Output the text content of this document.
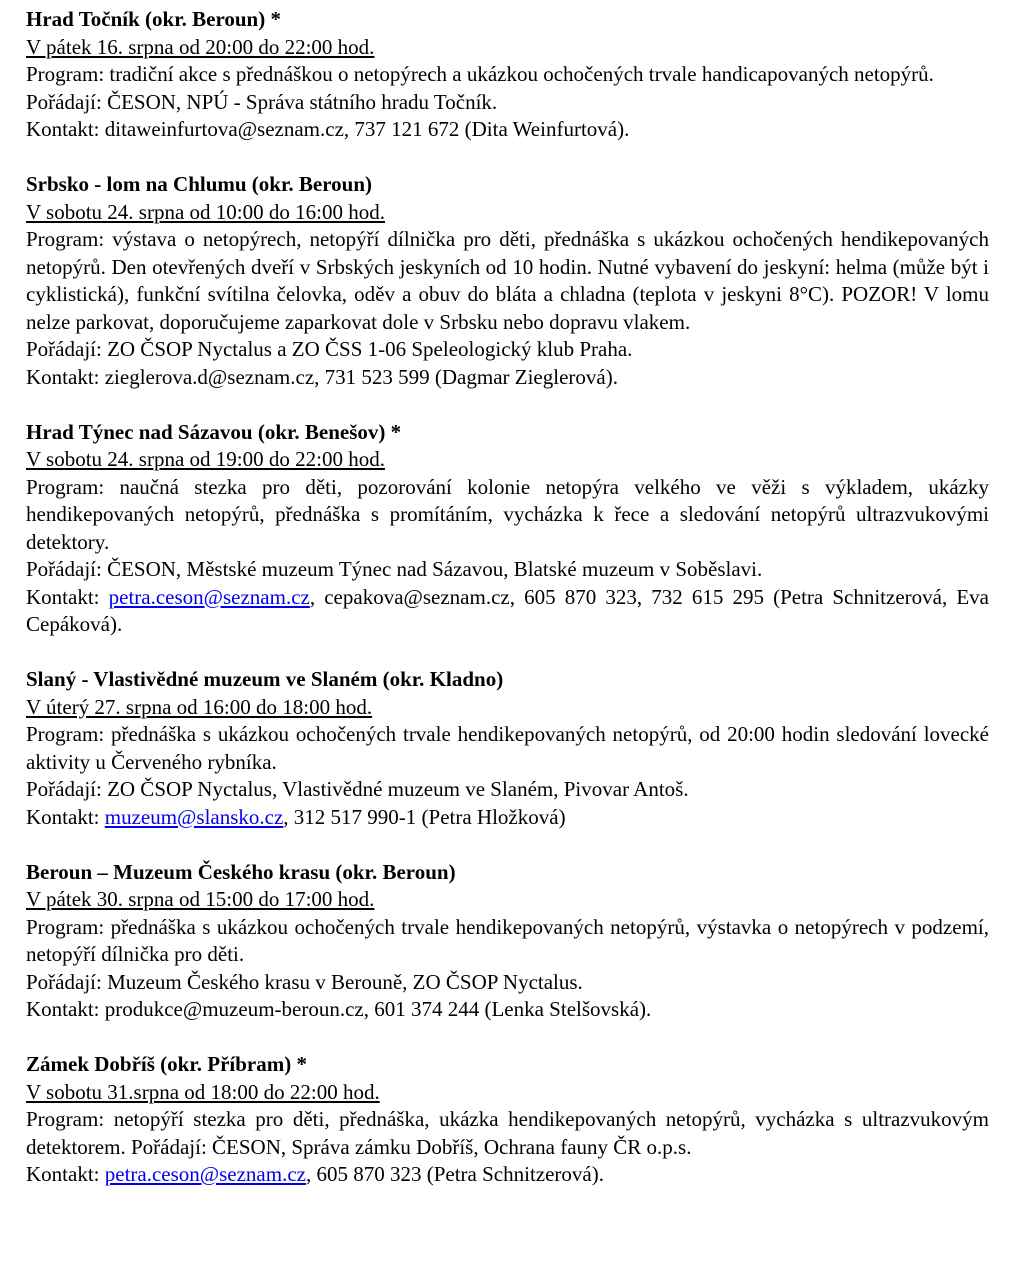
Hrad Točník (okr. Beroun) *

V pátek 16. srpna od 20:00 do 22:00 hod.

Program: tradiční akce s přednáškou o netopýrech a ukázkou ochočených trvale handicapovaných netopýrů.

Pořádají: ČESON, NPÚ - Správa státního hradu Točník.

Kontakt: ditaweinfurtova@seznam.cz, 737 121 672 (Dita Weinfurtová).

Srbsko - lom na Chlumu (okr. Beroun)

V sobotu 24. srpna od 10:00 do 16:00 hod.

Program: výstava o netopýrech, netopýří dílnička pro děti, přednáška s ukázkou ochočených hendikepovaných netopýrů. Den otevřených dveří v Srbských jeskyních od 10 hodin. Nutné vybavení do jeskyní: helma (může být i cyklistická), funkční svítilna čelovka, oděv a obuv do bláta a chladna (teplota v jeskyni 8°C). POZOR! V lomu nelze parkovat, doporučujeme zaparkovat dole v Srbsku nebo dopravu vlakem.

Pořádají: ZO ČSOP Nyctalus a ZO ČSS 1-06 Speleologický klub Praha.

Kontakt: zieglerova.d@seznam.cz, 731 523 599 (Dagmar Zieglerová).

Hrad Týnec nad Sázavou (okr. Benešov) *

V sobotu 24. srpna od 19:00 do 22:00 hod.

Program: naučná stezka pro děti, pozorování kolonie netopýra velkého ve věži s výkladem, ukázky hendikepovaných netopýrů, přednáška s promítáním, vycházka k řece a sledování netopýrů ultrazvukovými detektory.

Pořádají: ČESON, Městské muzeum Týnec nad Sázavou, Blatské muzeum v Soběslavi.

Kontakt: petra.ceson@seznam.cz, cepakova@seznam.cz, 605 870 323, 732 615 295 (Petra Schnitzerová, Eva Cepáková).

Slaný - Vlastivědné muzeum ve Slaném (okr. Kladno)

V úterý 27. srpna od 16:00 do 18:00 hod.

Program: přednáška s ukázkou ochočených trvale hendikepovaných netopýrů, od 20:00 hodin sledování lovecké aktivity u Červeného rybníka.

Pořádají: ZO ČSOP Nyctalus, Vlastivědné muzeum ve Slaném, Pivovar Antoš.

Kontakt: muzeum@slansko.cz, 312 517 990-1 (Petra Hložková)

Beroun – Muzeum Českého krasu (okr. Beroun)

V pátek 30. srpna od 15:00 do 17:00 hod.

Program: přednáška s ukázkou ochočených trvale hendikepovaných netopýrů, výstavka o netopýrech v podzemí, netopýří dílnička pro děti.

Pořádají: Muzeum Českého krasu v Berouně, ZO ČSOP Nyctalus.

Kontakt: produkce@muzeum-beroun.cz, 601 374 244 (Lenka Stelšovská).

Zámek Dobříš (okr. Příbram) *

V sobotu 31.srpna od 18:00 do 22:00 hod.

Program: netopýří stezka pro děti, přednáška, ukázka hendikepovaných netopýrů, vycházka s ultrazvukovým detektorem. Pořádají: ČESON, Správa zámku Dobříš, Ochrana fauny ČR o.p.s.

Kontakt: petra.ceson@seznam.cz, 605 870 323 (Petra Schnitzerová).
